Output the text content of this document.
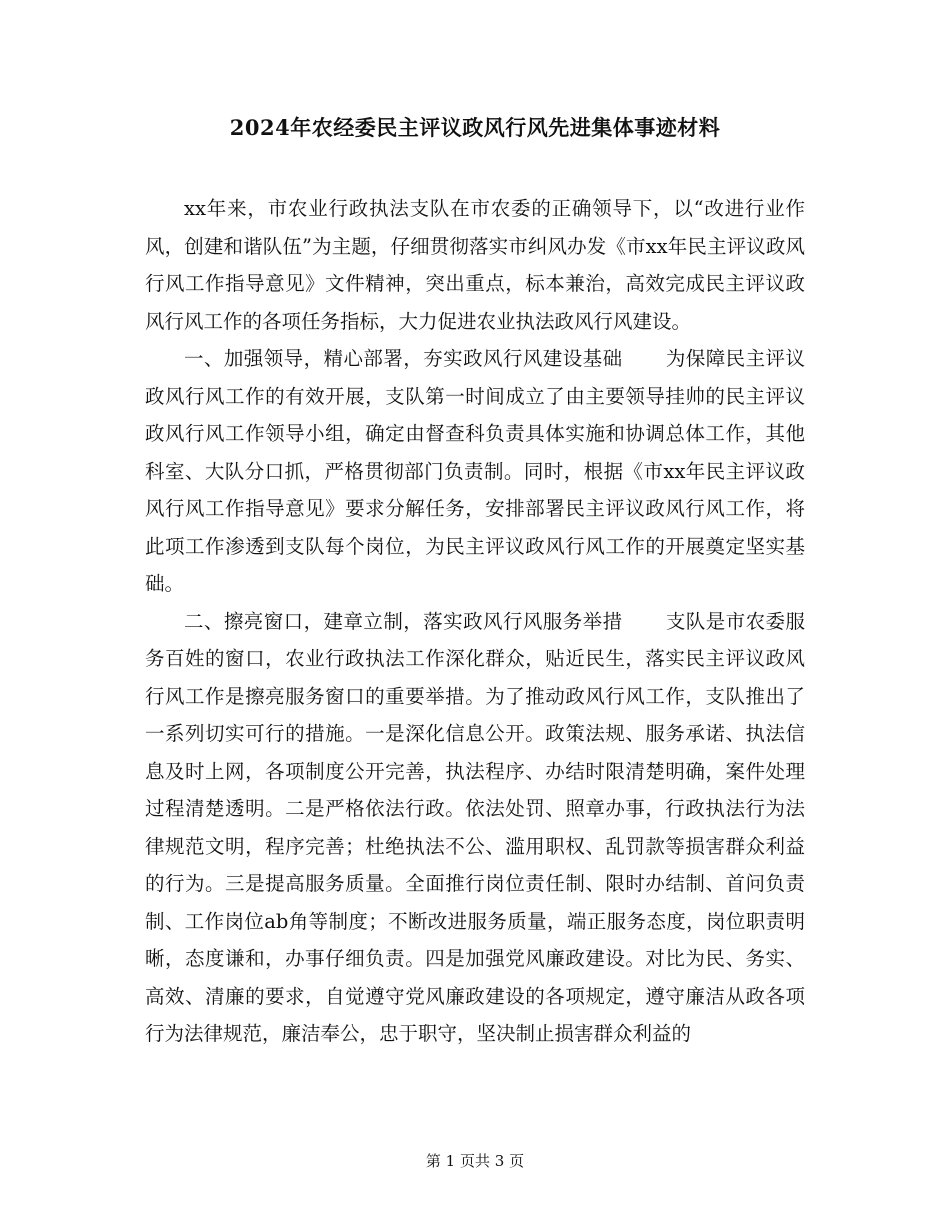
2024年农经委民主评议政风行风先进集体事迹材料

xx年来，市农业行政执法支队在市农委的正确领导下，以“改进行业作风，创建和谐队伍”为主题，仔细贯彻落实市纠风办发《市xx年民主评议政风行风工作指导意见》文件精神，突出重点，标本兼治，高效完成民主评议政风行风工作的各项任务指标，大力促进农业执法政风行风建设。

一、加强领导，精心部署，夯实政风行风建设基础 为保障民主评议政风行风工作的有效开展，支队第一时间成立了由主要领导挂帅的民主评议政风行风工作领导小组，确定由督查科负责具体实施和协调总体工作，其他科室、大队分口抓，严格贯彻部门负责制。同时，根据《市xx年民主评议政风行风工作指导意见》要求分解任务，安排部署民主评议政风行风工作，将此项工作渗透到支队每个岗位，为民主评议政风行风工作的开展奠定坚实基础。

二、擦亮窗口，建章立制，落实政风行风服务举措 支队是市农委服务百姓的窗口，农业行政执法工作深化群众，贴近民生，落实民主评议政风行风工作是擦亮服务窗口的重要举措。为了推动政风行风工作，支队推出了一系列切实可行的措施。一是深化信息公开。政策法规、服务承诺、执法信息及时上网，各项制度公开完善，执法程序、办结时限清楚明确，案件处理过程清楚透明。二是严格依法行政。依法处罚、照章办事，行政执法行为法律规范文明，程序完善；杜绝执法不公、滥用职权、乱罚款等损害群众利益的行为。三是提高服务质量。全面推行岗位责任制、限时办结制、首问负责制、工作岗位ab角等制度；不断改进服务质量，端正服务态度，岗位职责明晰，态度谦和，办事仔细负责。四是加强党风廉政建设。对比为民、务实、高效、清廉的要求，自觉遵守党风廉政建设的各项规定，遵守廉洁从政各项行为法律规范，廉洁奉公，忠于职守，坚决制止损害群众利益的

第 1 页共 3 页
